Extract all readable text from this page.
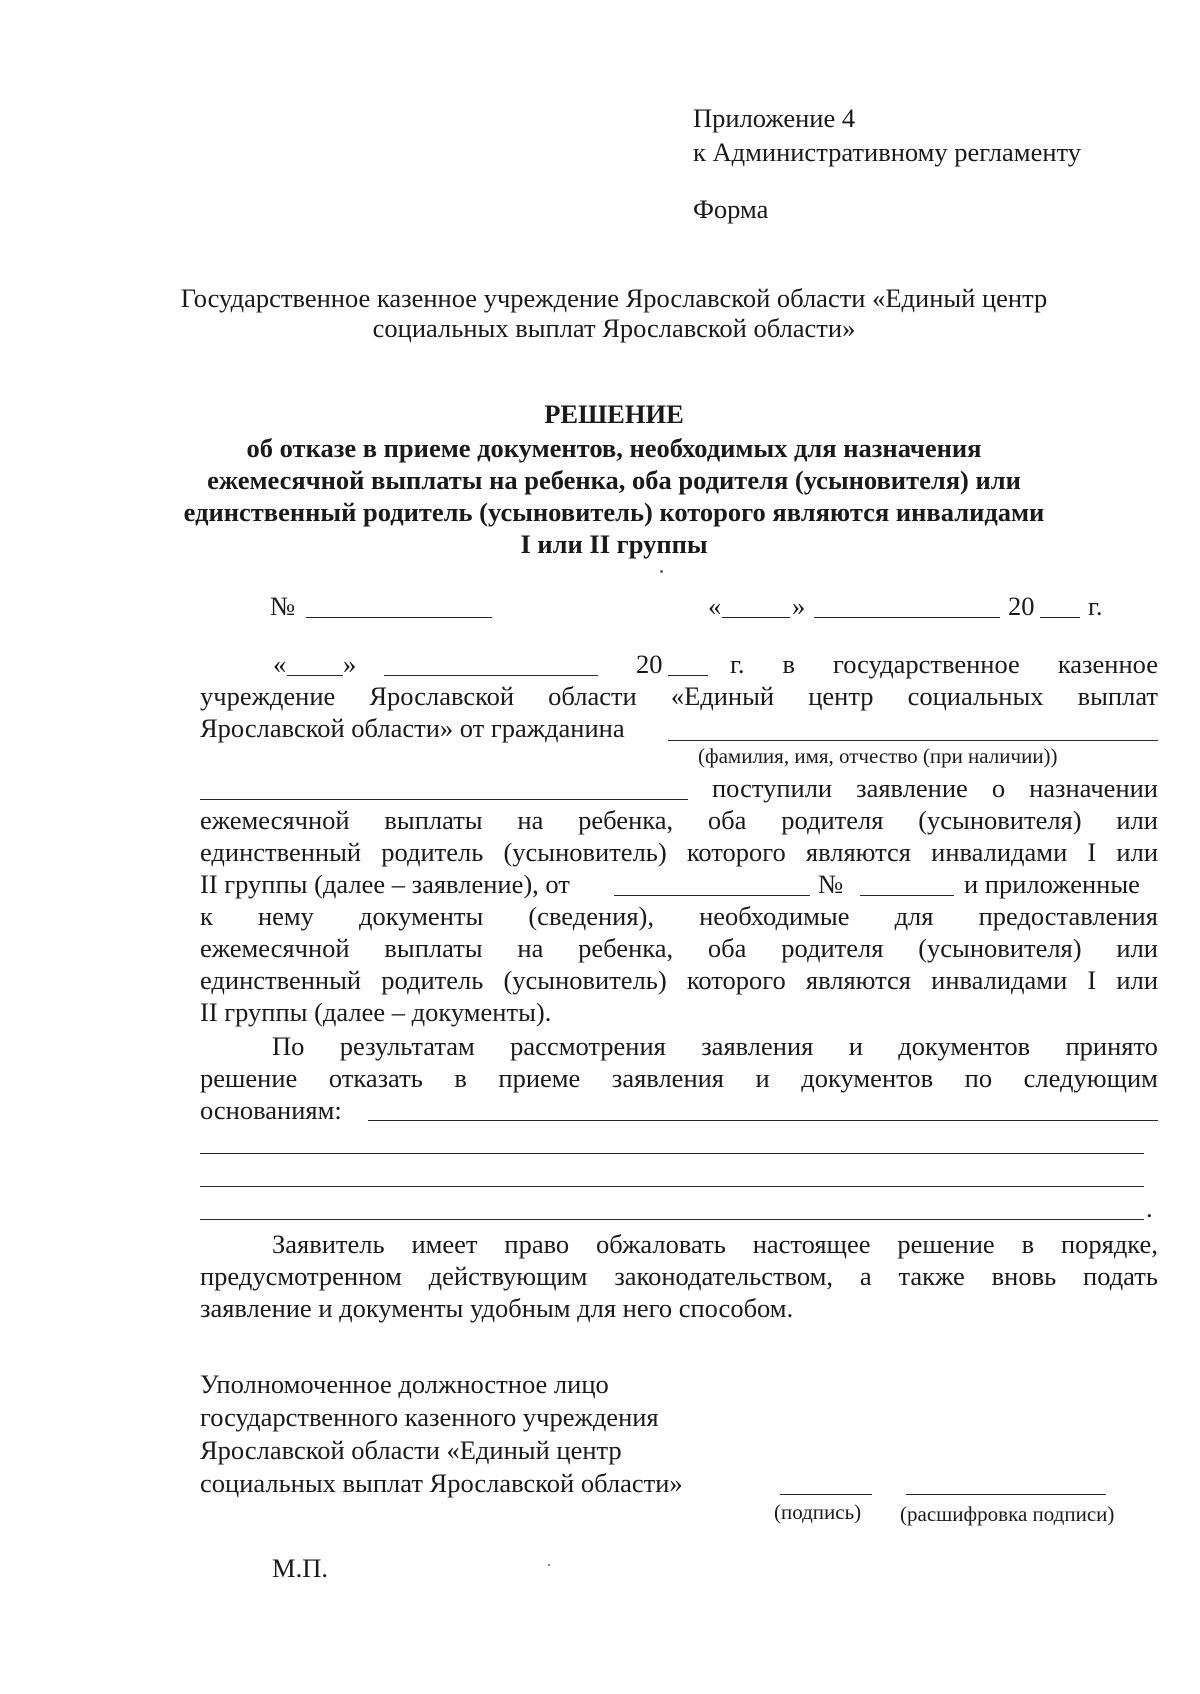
Приложение 4
к Административному регламенту
Форма
Государственное казенное учреждение Ярославской области «Единый центр
социальных выплат Ярославской области»
РЕШЕНИЕ
об отказе в приеме документов, необходимых для назначения
ежемесячной выплаты на ребенка, оба родителя (усыновителя) или
единственный родитель (усыновитель) которого являются инвалидами
I или II группы
№	«	»	20 г.
« »	20	г. в государственное казенное
учреждение Ярославской области «Единый центр социальных выплат
Ярославской области» от гражданина
(фамилия, имя, отчество (при наличии))
поступили заявление о назначении
ежемесячной выплаты на ребенка, оба родителя (усыновителя) или
единственный родитель (усыновитель) которого являются инвалидами I или
II группы (далее – заявление), от	№	и приложенные
к нему документы (сведения), необходимые для предоставления
ежемесячной выплаты на ребенка, оба родителя (усыновителя) или
единственный родитель (усыновитель) которого являются инвалидами I или
II группы (далее – документы).
По результатам рассмотрения заявления и документов принято
решение отказать в приеме заявления и документов по следующим
основаниям:
.
Заявитель имеет право обжаловать настоящее решение в порядке,
предусмотренном действующим законодательством, а также вновь подать
заявление и документы удобным для него способом.
Уполномоченное должностное лицо
государственного казенного учреждения
Ярославской области «Единый центр
социальных выплат Ярославской области»
(подпись) (расшифровка подписи)
М.П.
